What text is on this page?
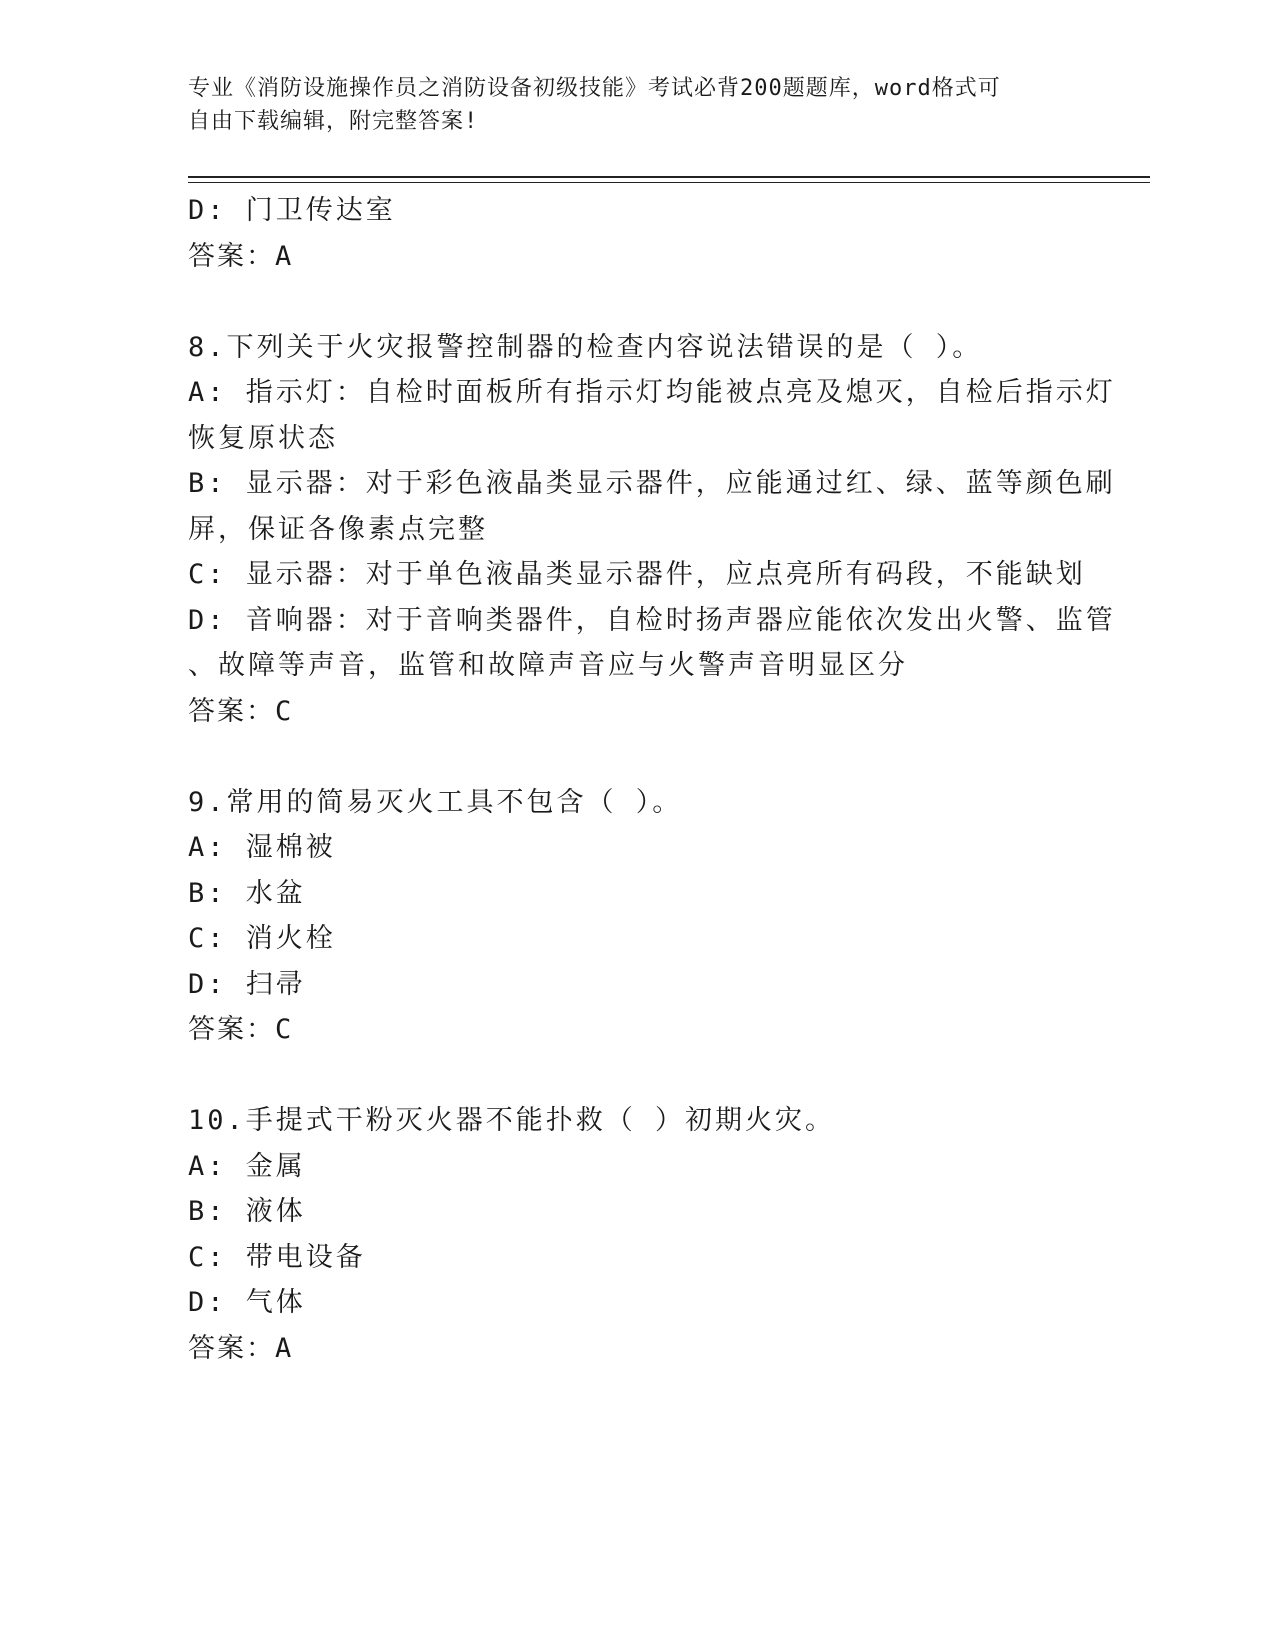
专业《消防设施操作员之消防设备初级技能》考试必背200题题库，word格式可
自由下载编辑，附完整答案!
D: 门卫传达室
答案：A
8.下列关于火灾报警控制器的检查内容说法错误的是（ ）。
A: 指示灯：自检时面板所有指示灯均能被点亮及熄灭，自检后指示灯
恢复原状态
B: 显示器：对于彩色液晶类显示器件，应能通过红、绿、蓝等颜色刷
屏，保证各像素点完整
C: 显示器：对于单色液晶类显示器件，应点亮所有码段，不能缺划
D: 音响器：对于音响类器件，自检时扬声器应能依次发出火警、监管
、故障等声音，监管和故障声音应与火警声音明显区分
答案：C
9.常用的简易灭火工具不包含（ ）。
A: 湿棉被
B: 水盆
C: 消火栓
D: 扫帚
答案：C
10.手提式干粉灭火器不能扑救（ ）初期火灾。
A: 金属
B: 液体
C: 带电设备
D: 气体
答案：A
